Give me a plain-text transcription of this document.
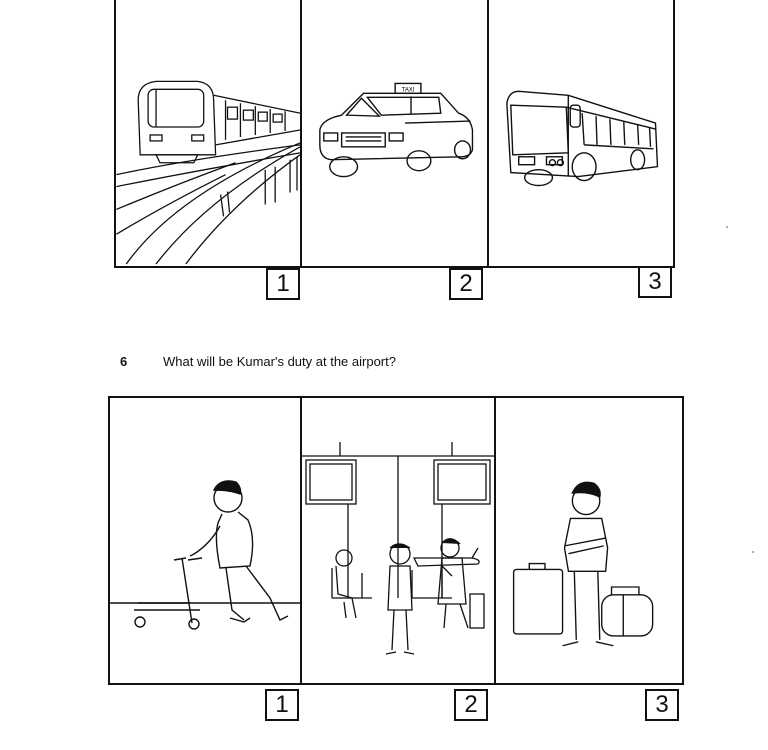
TAXI
1	2	3
6	What will be Kumar's duty at the airport?
1	2	3
